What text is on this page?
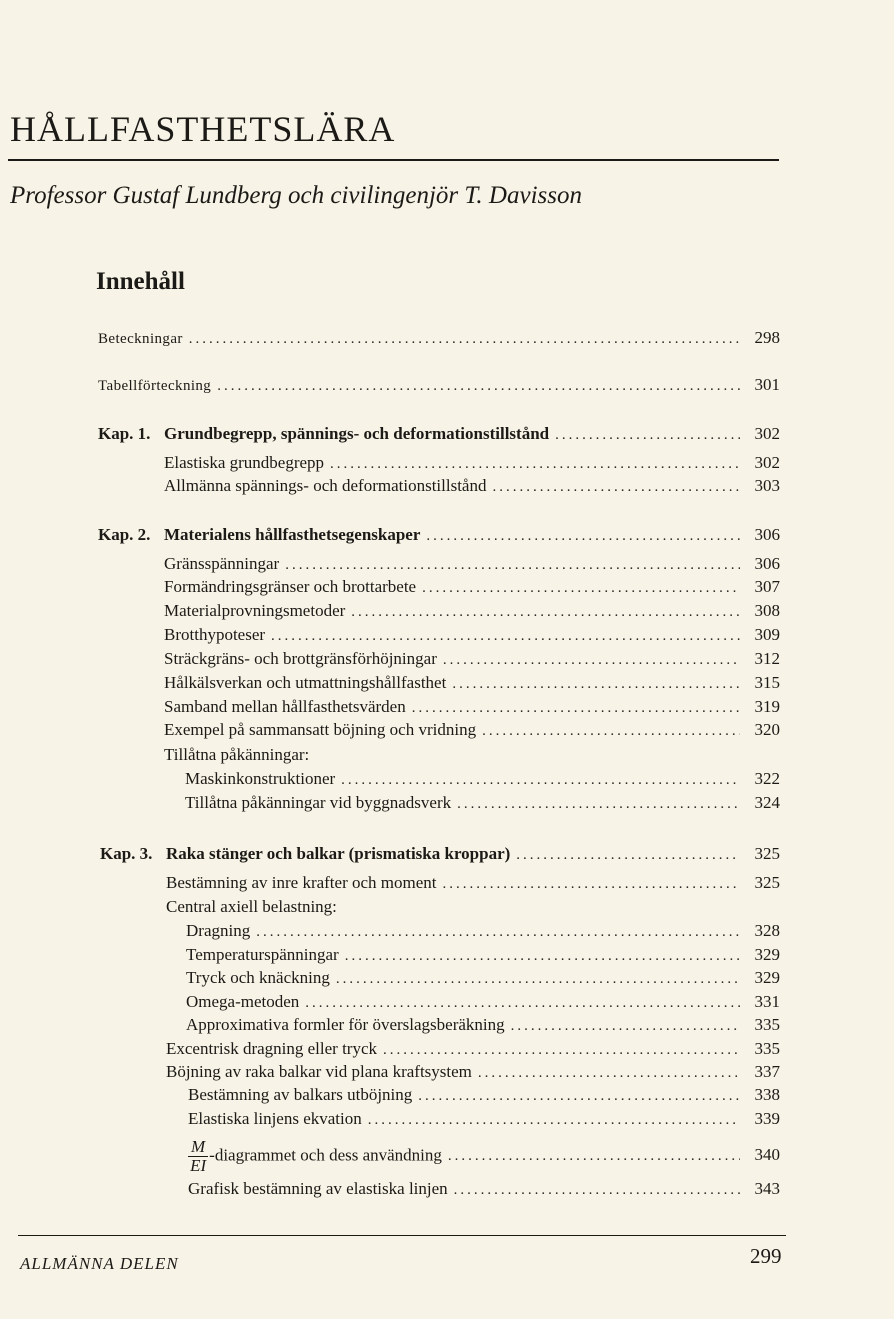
HÅLLFASTHETSLÄRA
Professor Gustaf Lundberg och civilingenjör T. Davisson
Innehåll
Beteckningar .....	298
Tabellförteckning .....	301
Kap. 1. Grundbegrepp, spännings- och deformationstillstånd .....	302
Elastiska grundbegrepp .....	302
Allmänna spännings- och deformationstillstånd .....	303
Kap. 2. Materialens hållfasthetsegenskaper .....	306
Gränsspänningar .....	306
Formändringsgränser och brottarbete .....	307
Materialprovningsmetoder .....	308
Brotthypoteser .....	309
Sträckgräns- och brottgränsförhöjningar .....	312
Hålkälsverkan och utmattningshållfasthet .....	315
Samband mellan hållfasthetsvärden .....	319
Exempel på sammansatt böjning och vridning .....	320
Tillåtna påkänningar:
Maskinkonstruktioner .....	322
Tillåtna påkänningar vid byggnadsverk .....	324
Kap. 3. Raka stänger och balkar (prismatiska kroppar) .....	325
Bestämning av inre krafter och moment .....	325
Central axiell belastning:
Dragning .....	328
Temperaturspänningar .....	329
Tryck och knäckning .....	329
Omega-metoden .....	331
Approximativa formler för överslagsberäkning .....	335
Excentrisk dragning eller tryck .....	335
Böjning av raka balkar vid plana kraftsystem .....	337
Bestämning av balkars utböjning .....	338
Elastiska linjens ekvation .....	339
$\frac{M}{EI}$ -diagrammet och dess användning .....	340
Grafisk bestämning av elastiska linjen .....	343
ALLMÄNNA DELEN	299
